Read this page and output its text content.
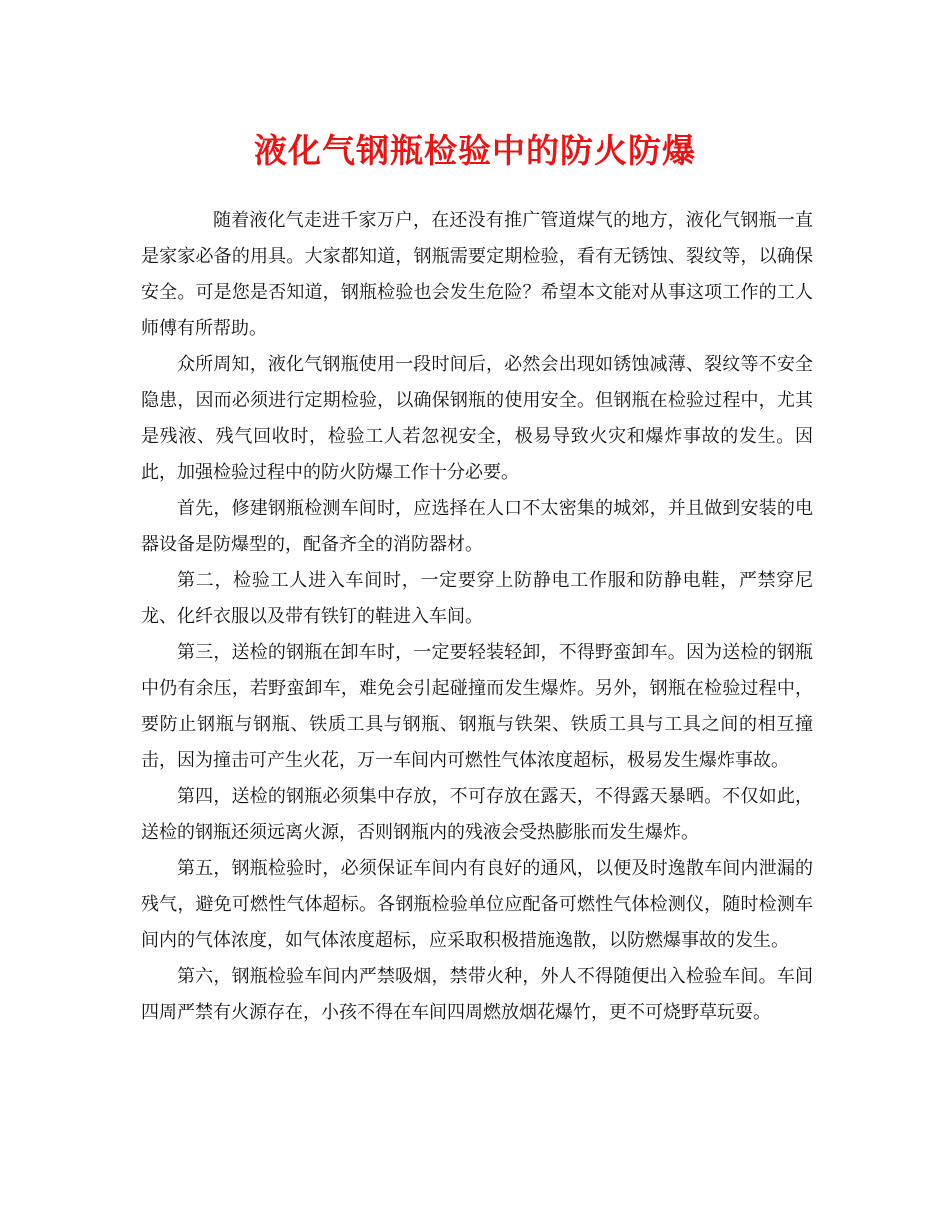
液化气钢瓶检验中的防火防爆

随着液化气走进千家万户，在还没有推广管道煤气的地方，液化气钢瓶一直是家家必备的用具。大家都知道，钢瓶需要定期检验，看有无锈蚀、裂纹等，以确保安全。可是您是否知道，钢瓶检验也会发生危险？希望本文能对从事这项工作的工人师傅有所帮助。

众所周知，液化气钢瓶使用一段时间后，必然会出现如锈蚀减薄、裂纹等不安全隐患，因而必须进行定期检验，以确保钢瓶的使用安全。但钢瓶在检验过程中，尤其是残液、残气回收时，检验工人若忽视安全，极易导致火灾和爆炸事故的发生。因此，加强检验过程中的防火防爆工作十分必要。

首先，修建钢瓶检测车间时，应选择在人口不太密集的城郊，并且做到安装的电器设备是防爆型的，配备齐全的消防器材。

第二，检验工人进入车间时，一定要穿上防静电工作服和防静电鞋，严禁穿尼龙、化纤衣服以及带有铁钉的鞋进入车间。

第三，送检的钢瓶在卸车时，一定要轻装轻卸，不得野蛮卸车。因为送检的钢瓶中仍有余压，若野蛮卸车，难免会引起碰撞而发生爆炸。另外，钢瓶在检验过程中，要防止钢瓶与钢瓶、铁质工具与钢瓶、钢瓶与铁架、铁质工具与工具之间的相互撞击，因为撞击可产生火花，万一车间内可燃性气体浓度超标，极易发生爆炸事故。

第四，送检的钢瓶必须集中存放，不可存放在露天，不得露天暴晒。不仅如此，送检的钢瓶还须远离火源，否则钢瓶内的残液会受热膨胀而发生爆炸。

第五，钢瓶检验时，必须保证车间内有良好的通风，以便及时逸散车间内泄漏的残气，避免可燃性气体超标。各钢瓶检验单位应配备可燃性气体检测仪，随时检测车间内的气体浓度，如气体浓度超标，应采取积极措施逸散，以防燃爆事故的发生。

第六，钢瓶检验车间内严禁吸烟，禁带火种，外人不得随便出入检验车间。车间四周严禁有火源存在，小孩不得在车间四周燃放烟花爆竹，更不可烧野草玩耍。
